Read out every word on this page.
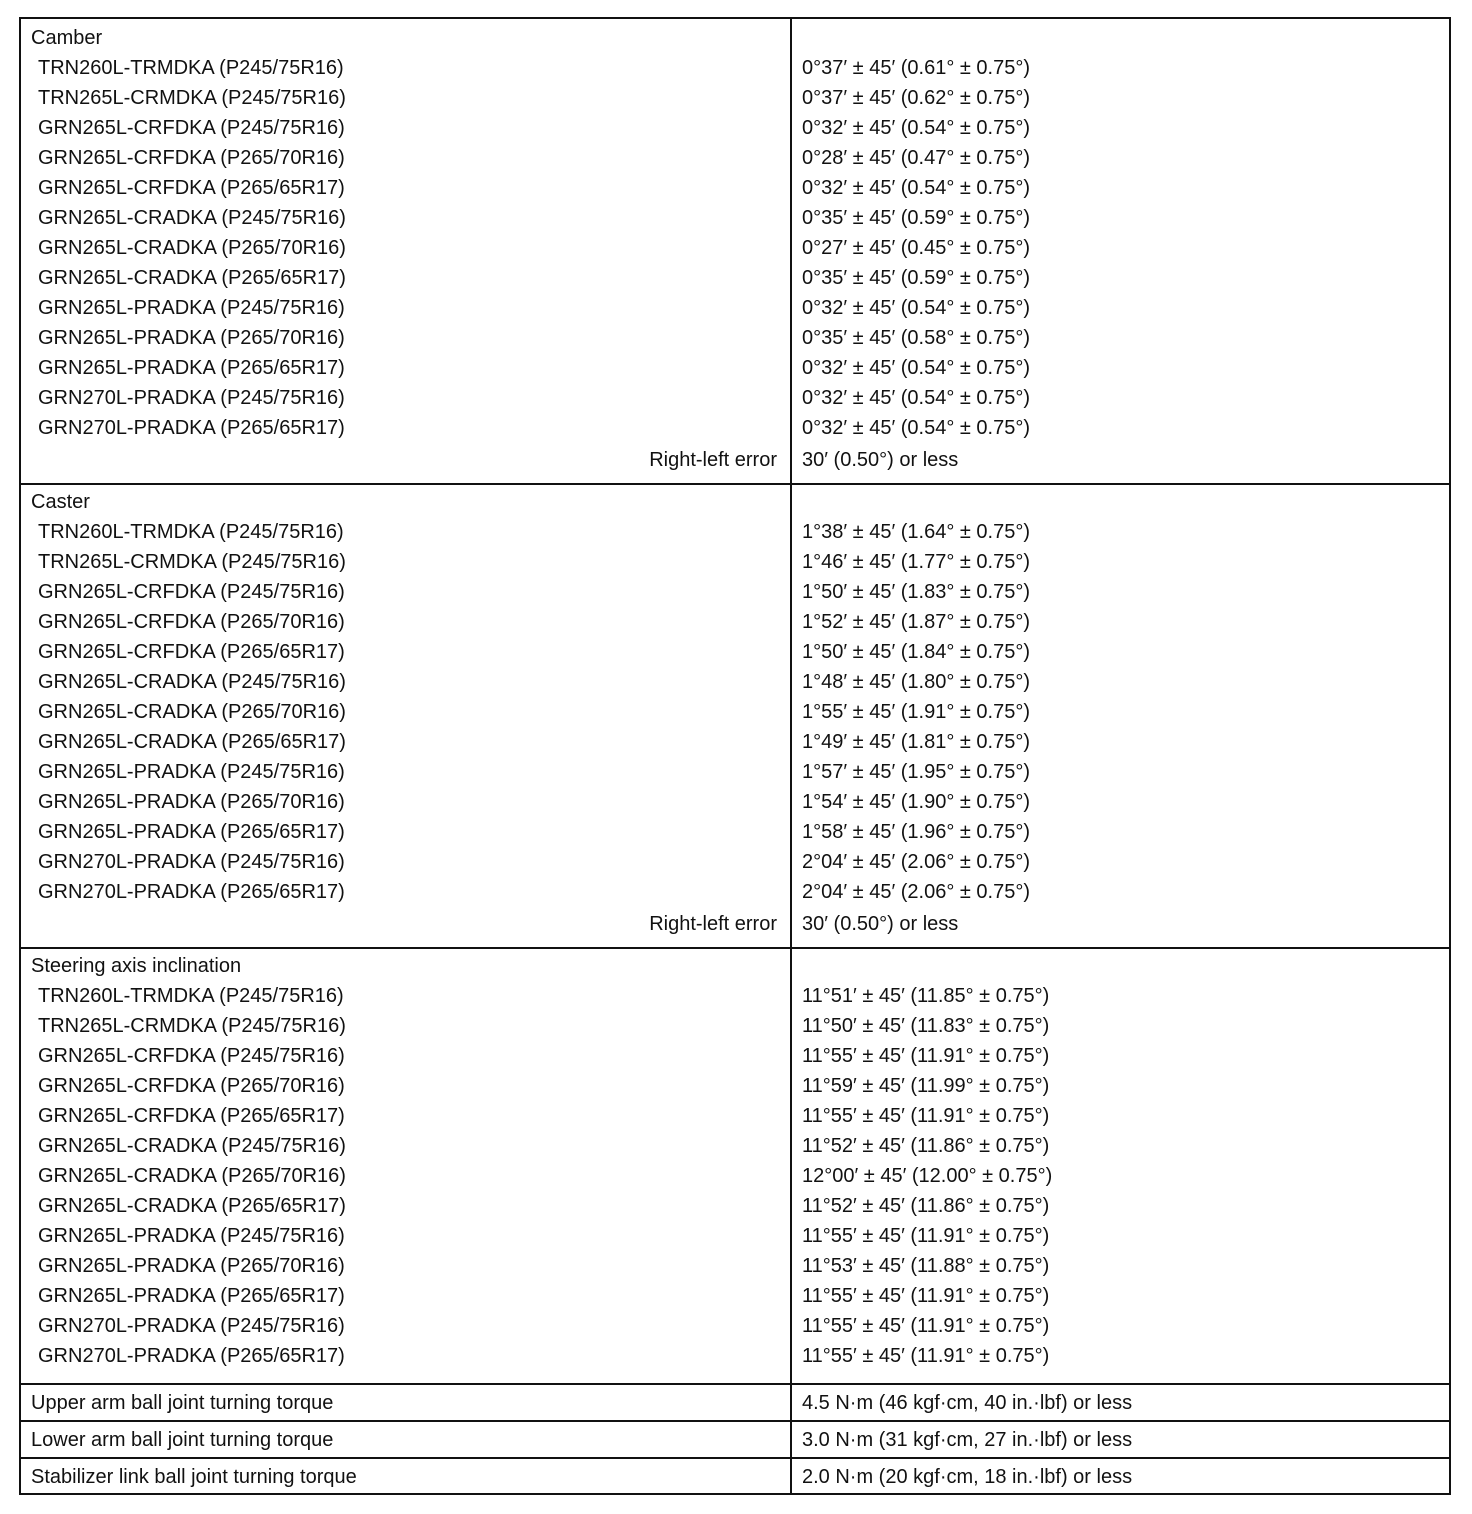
Camber
TRN260L-TRMDKA (P245/75R16)	0°37′ ± 45′ (0.61° ± 0.75°)
TRN265L-CRMDKA (P245/75R16)	0°37′ ± 45′ (0.62° ± 0.75°)
GRN265L-CRFDKA (P245/75R16)	0°32′ ± 45′ (0.54° ± 0.75°)
GRN265L-CRFDKA (P265/70R16)	0°28′ ± 45′ (0.47° ± 0.75°)
GRN265L-CRFDKA (P265/65R17)	0°32′ ± 45′ (0.54° ± 0.75°)
GRN265L-CRADKA (P245/75R16)	0°35′ ± 45′ (0.59° ± 0.75°)
GRN265L-CRADKA (P265/70R16)	0°27′ ± 45′ (0.45° ± 0.75°)
GRN265L-CRADKA (P265/65R17)	0°35′ ± 45′ (0.59° ± 0.75°)
GRN265L-PRADKA (P245/75R16)	0°32′ ± 45′ (0.54° ± 0.75°)
GRN265L-PRADKA (P265/70R16)	0°35′ ± 45′ (0.58° ± 0.75°)
GRN265L-PRADKA (P265/65R17)	0°32′ ± 45′ (0.54° ± 0.75°)
GRN270L-PRADKA (P245/75R16)	0°32′ ± 45′ (0.54° ± 0.75°)
GRN270L-PRADKA (P265/65R17)	0°32′ ± 45′ (0.54° ± 0.75°)
Right-left error 30′ (0.50°) or less
Caster
TRN260L-TRMDKA (P245/75R16)	1°38′ ± 45′ (1.64° ± 0.75°)
TRN265L-CRMDKA (P245/75R16)	1°46′ ± 45′ (1.77° ± 0.75°)
GRN265L-CRFDKA (P245/75R16)	1°50′ ± 45′ (1.83° ± 0.75°)
GRN265L-CRFDKA (P265/70R16)	1°52′ ± 45′ (1.87° ± 0.75°)
GRN265L-CRFDKA (P265/65R17)	1°50′ ± 45′ (1.84° ± 0.75°)
GRN265L-CRADKA (P245/75R16)	1°48′ ± 45′ (1.80° ± 0.75°)
GRN265L-CRADKA (P265/70R16)	1°55′ ± 45′ (1.91° ± 0.75°)
GRN265L-CRADKA (P265/65R17)	1°49′ ± 45′ (1.81° ± 0.75°)
GRN265L-PRADKA (P245/75R16)	1°57′ ± 45′ (1.95° ± 0.75°)
GRN265L-PRADKA (P265/70R16)	1°54′ ± 45′ (1.90° ± 0.75°)
GRN265L-PRADKA (P265/65R17)	1°58′ ± 45′ (1.96° ± 0.75°)
GRN270L-PRADKA (P245/75R16)	2°04′ ± 45′ (2.06° ± 0.75°)
GRN270L-PRADKA (P265/65R17)	2°04′ ± 45′ (2.06° ± 0.75°)
Right-left error 30′ (0.50°) or less
Steering axis inclination
TRN260L-TRMDKA (P245/75R16)	11°51′ ± 45′ (11.85° ± 0.75°)
TRN265L-CRMDKA (P245/75R16)	11°50′ ± 45′ (11.83° ± 0.75°)
GRN265L-CRFDKA (P245/75R16)	11°55′ ± 45′ (11.91° ± 0.75°)
GRN265L-CRFDKA (P265/70R16)	11°59′ ± 45′ (11.99° ± 0.75°)
GRN265L-CRFDKA (P265/65R17)	11°55′ ± 45′ (11.91° ± 0.75°)
GRN265L-CRADKA (P245/75R16)	11°52′ ± 45′ (11.86° ± 0.75°)
GRN265L-CRADKA (P265/70R16)	12°00′ ± 45′ (12.00° ± 0.75°)
GRN265L-CRADKA (P265/65R17)	11°52′ ± 45′ (11.86° ± 0.75°)
GRN265L-PRADKA (P245/75R16)	11°55′ ± 45′ (11.91° ± 0.75°)
GRN265L-PRADKA (P265/70R16)	11°53′ ± 45′ (11.88° ± 0.75°)
GRN265L-PRADKA (P265/65R17)	11°55′ ± 45′ (11.91° ± 0.75°)
GRN270L-PRADKA (P245/75R16)	11°55′ ± 45′ (11.91° ± 0.75°)
GRN270L-PRADKA (P265/65R17)	11°55′ ± 45′ (11.91° ± 0.75°)
Upper arm ball joint turning torque	4.5 N·m (46 kgf·cm, 40 in.·lbf) or less
Lower arm ball joint turning torque	3.0 N·m (31 kgf·cm, 27 in.·lbf) or less
Stabilizer link ball joint turning torque	2.0 N·m (20 kgf·cm, 18 in.·lbf) or less
